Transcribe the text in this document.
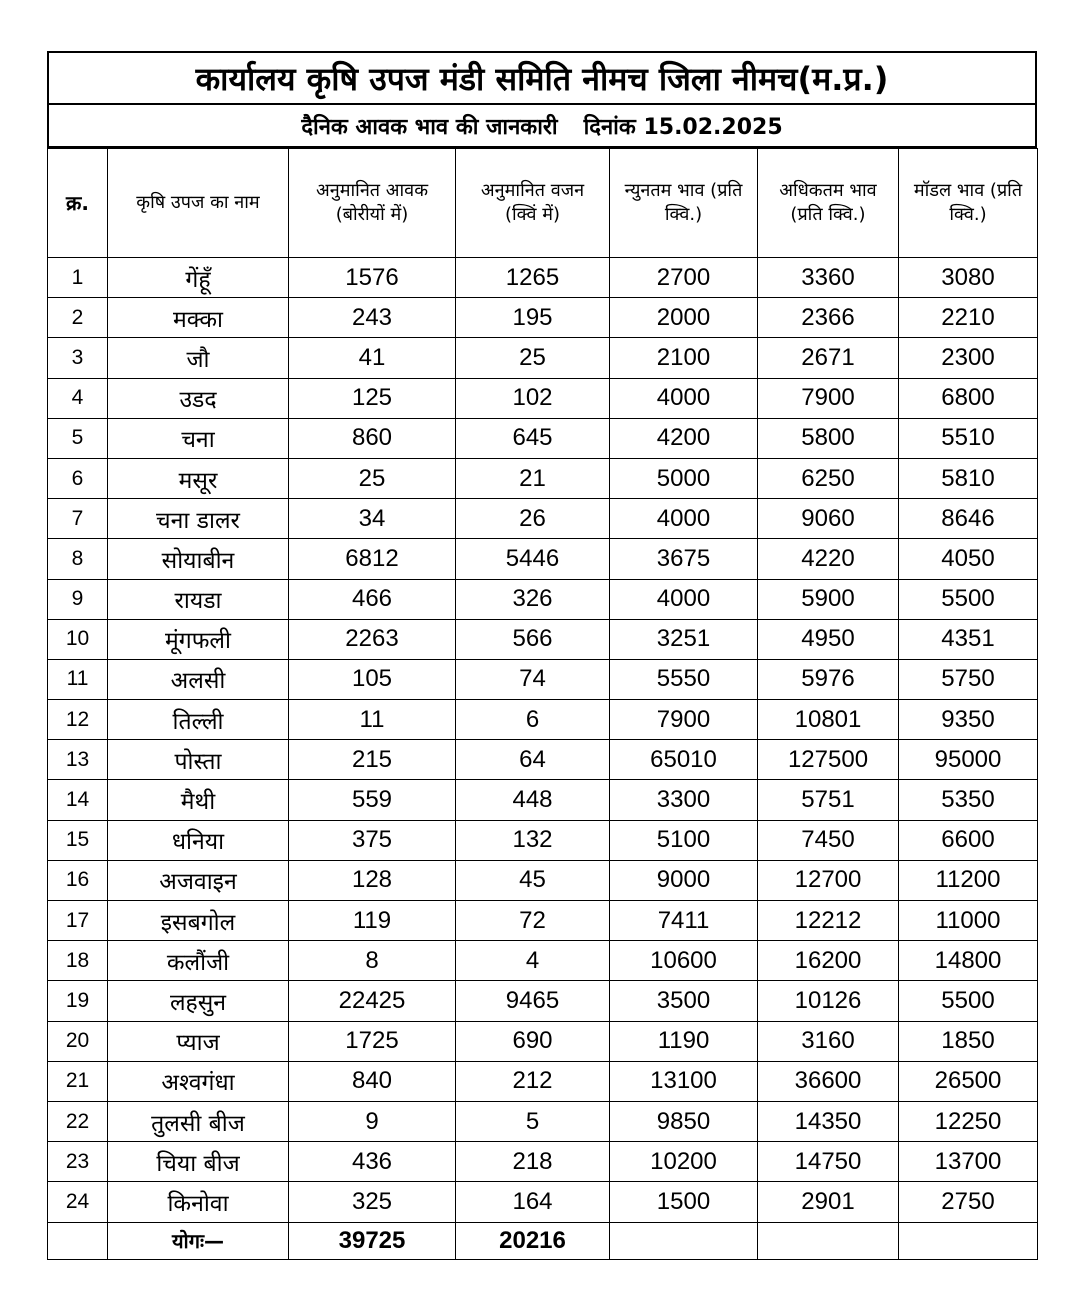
कार्यालय कृषि उपज मंडी समिति नीमच जिला नीमच(म.प्र.)
दैनिक आवक भाव की जानकारी दिनांक 15.02.2025
क्र.	कृषि उपज का नाम	अनुमानित आवक (बोरीयों में)	अनुमानित वजन (क्विं में)	न्युनतम भाव (प्रति क्वि.)	अधिकतम भाव (प्रति क्वि.)	मॉडल भाव (प्रति क्वि.)
1	गेंहूँ	1576	1265	2700	3360	3080
2	मक्का	243	195	2000	2366	2210
3	जौ	41	25	2100	2671	2300
4	उडद	125	102	4000	7900	6800
5	चना	860	645	4200	5800	5510
6	मसूर	25	21	5000	6250	5810
7	चना डालर	34	26	4000	9060	8646
8	सोयाबीन	6812	5446	3675	4220	4050
9	रायडा	466	326	4000	5900	5500
10	मूंगफली	2263	566	3251	4950	4351
11	अलसी	105	74	5550	5976	5750
12	तिल्ली	11	6	7900	10801	9350
13	पोस्ता	215	64	65010	127500	95000
14	मैथी	559	448	3300	5751	5350
15	धनिया	375	132	5100	7450	6600
16	अजवाइन	128	45	9000	12700	11200
17	इसबगोल	119	72	7411	12212	11000
18	कलौंजी	8	4	10600	16200	14800
19	लहसुन	22425	9465	3500	10126	5500
20	प्याज	1725	690	1190	3160	1850
21	अश्वगंधा	840	212	13100	36600	26500
22	तुलसी बीज	9	5	9850	14350	12250
23	चिया बीज	436	218	10200	14750	13700
24	किनोवा	325	164	1500	2901	2750
	योगः—	39725	20216			
